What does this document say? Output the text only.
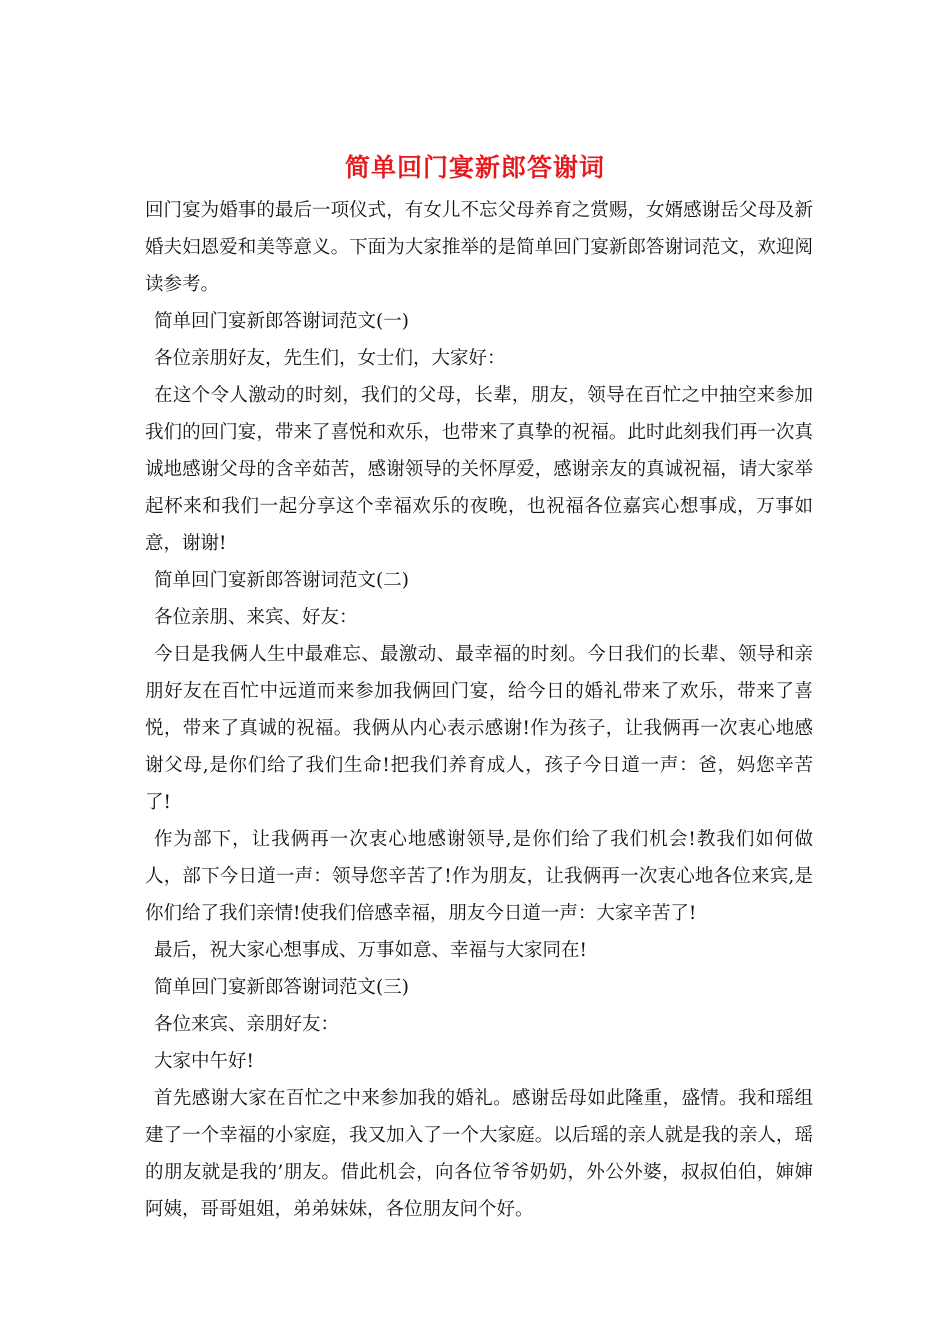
简单回门宴新郎答谢词

回门宴为婚事的最后一项仪式，有女儿不忘父母养育之赏赐，女婿感谢岳父母及新婚夫妇恩爱和美等意义。下面为大家推举的是简单回门宴新郎答谢词范文，欢迎阅读参考。

简单回门宴新郎答谢词范文(一)

各位亲朋好友，先生们，女士们，大家好：

在这个令人激动的时刻，我们的父母，长辈，朋友，领导在百忙之中抽空来参加我们的回门宴，带来了喜悦和欢乐，也带来了真挚的祝福。此时此刻我们再一次真诚地感谢父母的含辛茹苦，感谢领导的关怀厚爱，感谢亲友的真诚祝福，请大家举起杯来和我们一起分享这个幸福欢乐的夜晚，也祝福各位嘉宾心想事成，万事如意，谢谢!

简单回门宴新郎答谢词范文(二)

各位亲朋、来宾、好友：

今日是我俩人生中最难忘、最激动、最幸福的时刻。今日我们的长辈、领导和亲朋好友在百忙中远道而来参加我俩回门宴，给今日的婚礼带来了欢乐，带来了喜悦，带来了真诚的祝福。我俩从内心表示感谢!作为孩子，让我俩再一次衷心地感谢父母,是你们给了我们生命!把我们养育成人，孩子今日道一声：爸，妈您辛苦了!

作为部下，让我俩再一次衷心地感谢领导,是你们给了我们机会!教我们如何做人，部下今日道一声：领导您辛苦了!作为朋友，让我俩再一次衷心地各位来宾,是你们给了我们亲情!使我们倍感幸福，朋友今日道一声：大家辛苦了!

最后，祝大家心想事成、万事如意、幸福与大家同在!

简单回门宴新郎答谢词范文(三)

各位来宾、亲朋好友：

大家中午好!

首先感谢大家在百忙之中来参加我的婚礼。感谢岳母如此隆重，盛情。我和瑶组建了一个幸福的小家庭，我又加入了一个大家庭。以后瑶的亲人就是我的亲人，瑶的朋友就是我的’朋友。借此机会，向各位爷爷奶奶，外公外婆，叔叔伯伯，婶婶阿姨，哥哥姐姐，弟弟妹妹，各位朋友问个好。
